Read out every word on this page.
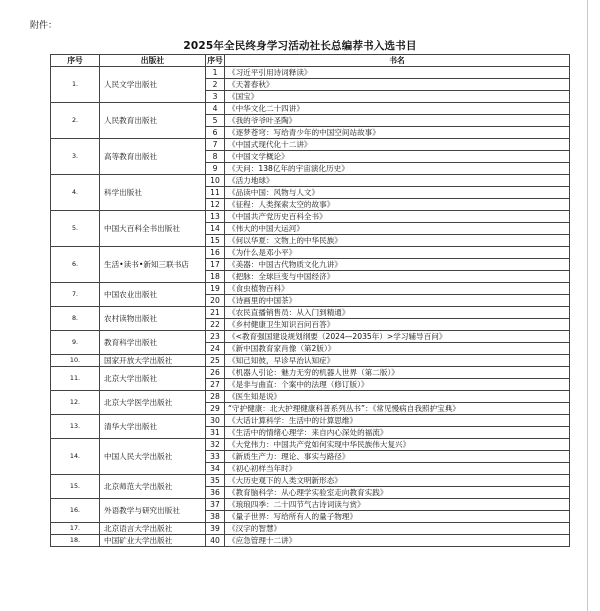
附件：
2025年全民终身学习活动社长总编荐书入选书目
序号	出版社	序号	书名
1.	人民文学出版社	1	《习近平引用诗词释读》
		2	《天著春秋》
		3	《国宝》
2.	人民教育出版社	4	《中华文化二十四讲》
		5	《我的爷爷叶圣陶》
		6	《逐梦苍穹：写给青少年的中国空间站故事》
3.	高等教育出版社	7	《中国式现代化十二讲》
		8	《中国文学概论》
		9	《天问：138亿年的宇宙演化历史》
4.	科学出版社	10	《活力地球》
		11	《品读中国：风物与人文》
		12	《征程：人类探索太空的故事》
5.	中国大百科全书出版社	13	《中国共产党历史百科全书》
		14	《伟大的中国大运河》
		15	《何以华夏：文物上的中华民族》
6.	生活•读书•新知三联书店	16	《为什么是邓小平》
		17	《美器：中国古代物质文化九讲》
		18	《把脉：全球巨变与中国经济》
7.	中国农业出版社	19	《食虫植物百科》
		20	《诗画里的中国茶》
8.	农村读物出版社	21	《农民直播销售员：从入门到精通》
		22	《乡村健康卫生知识百问百答》
9.	教育科学出版社	23	《<教育强国建设规划纲要（2024—2035年）>学习辅导百问》
		24	《新中国教育家肖像（第2版）》
10.	国家开放大学出版社	25	《知己知彼，早诊早治认知症》
11.	北京大学出版社	26	《机器人引论：魅力无穷的机器人世界（第二版）》
		27	《是非与曲直：个案中的法理（修订版）》
12.	北京大学医学出版社	28	《医生知是说》
		29	“守护健康：北大护理健康科普系列丛书”：《常见慢病自我照护宝典》
13.	清华大学出版社	30	《大话计算科学：生活中的计算思维》
		31	《生活中的情绪心理学：来自内心深处的福流》
14.	中国人民大学出版社	32	《大党伟力：中国共产党如何实现中华民族伟大复兴》
		33	《新质生产力：理论、事实与路径》
		34	《初心初样当年时》
15.	北京师范大学出版社	35	《大历史观下的人类文明新形态》
		36	《教育脑科学：从心理学实验室走向教育实践》
16.	外语教学与研究出版社	37	《琅琅四季：二十四节气古诗词读与赏》
		38	《量子世界：写给所有人的量子物理》
17.	北京语言大学出版社	39	《汉字的智慧》
18.	中国矿业大学出版社	40	《应急管理十二讲》
